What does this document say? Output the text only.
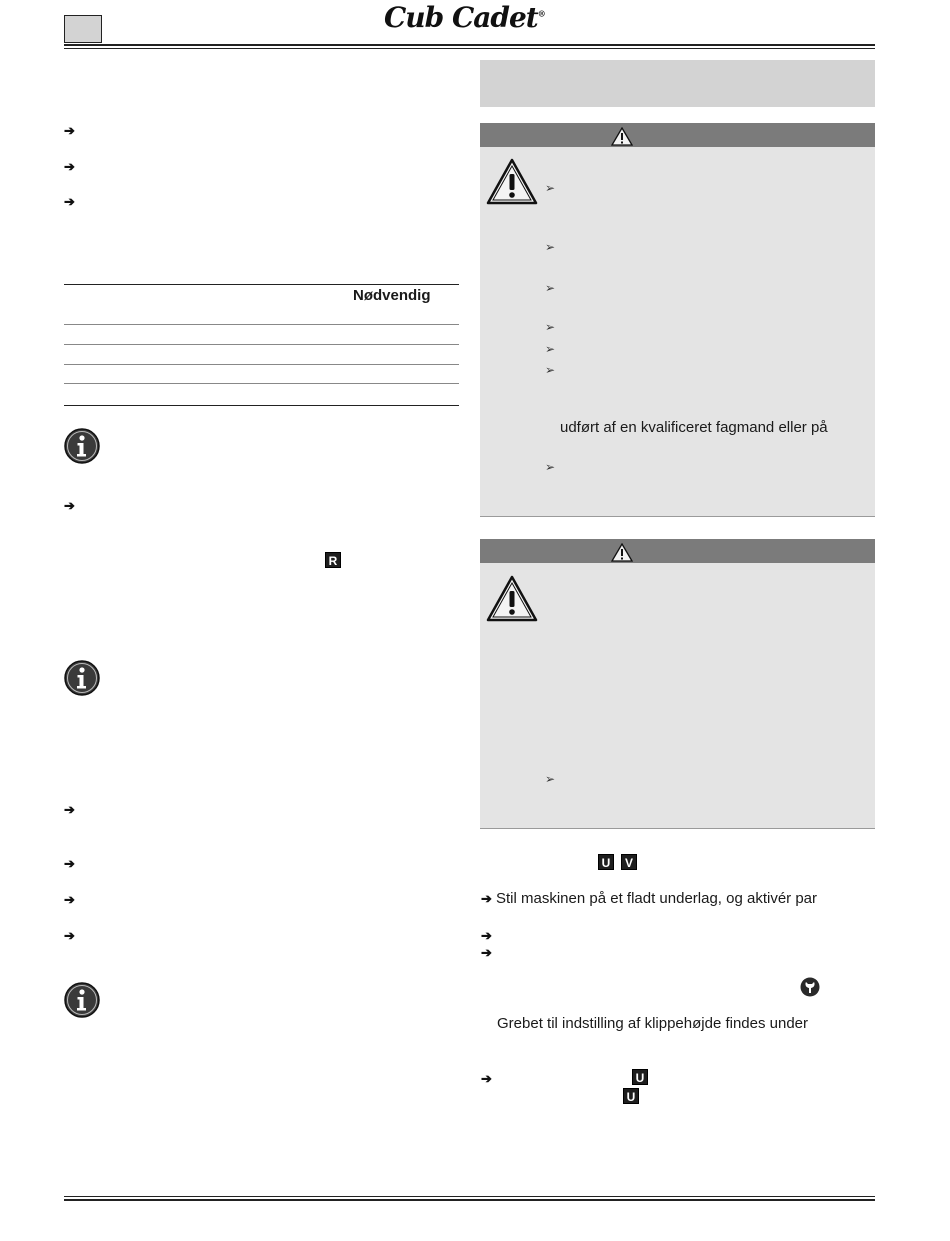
Cub Cadet®
➔
➔
➔
Nødvendig
➔
R
➔
➔
➔
➔
➢
➢
➢
➢
➢
➢
udført af en kvalificeret fagmand eller på
➢
➢
U	V
➔ Stil maskinen på et fladt underlag, og aktivér par
➔
➔
Grebet til indstilling af klippehøjde findes under
➔	U
U
